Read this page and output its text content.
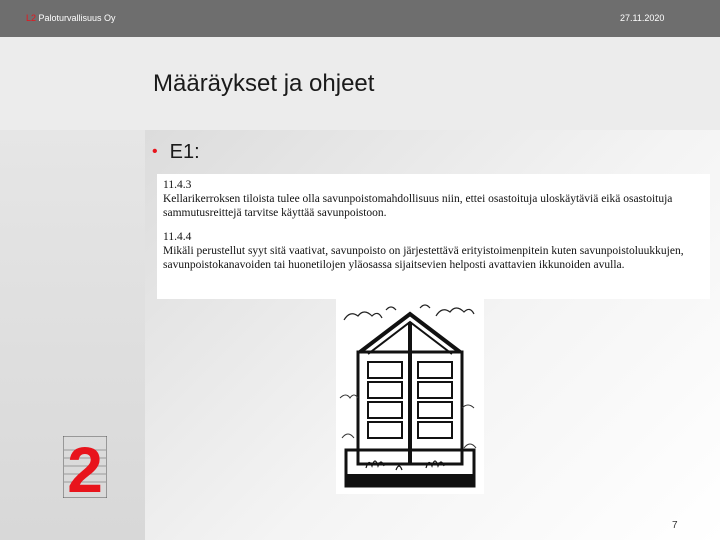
L2 Paloturvallisuus Oy	27.11.2020
Määräykset ja ohjeet
• E1:

11.4.3

Kellarikerroksen tiloista tulee olla savunpoistomahdollisuus niin, ettei osastoituja uloskäytäviä eikä osastoituja sammutusreittejä tarvitse käyttää savunpoistoon.

11.4.4

Mikäli perustellut syyt sitä vaativat, savunpoisto on järjestettävä erityistoimenpitein kuten savunpoistoluukkujen, savunpoistokanavoiden tai huonetilojen yläosassa sijaitsevien helposti avattavien ikkunoiden avulla.

2
7
